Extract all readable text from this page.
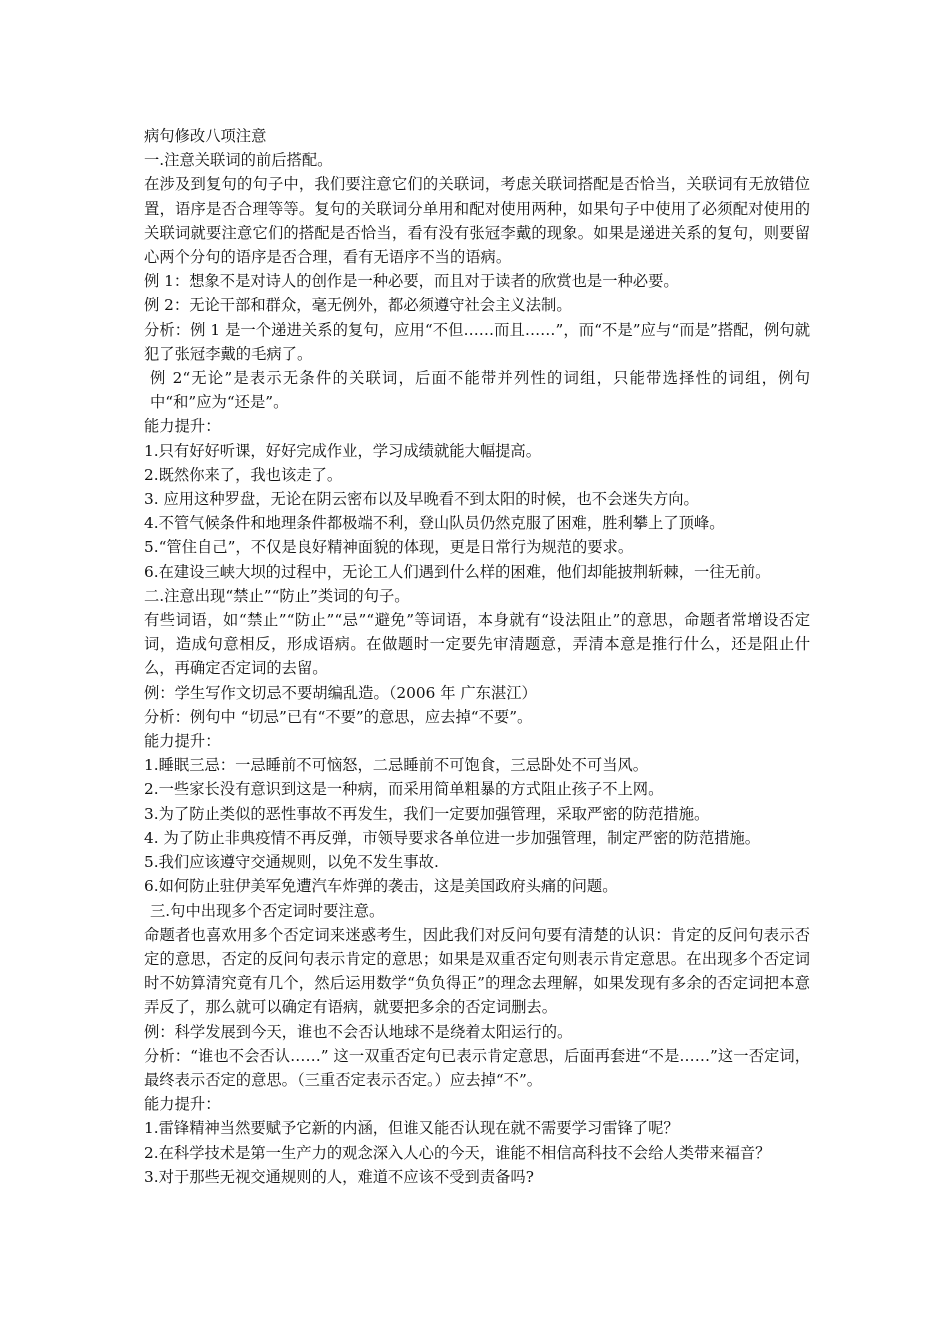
病句修改八项注意

一.注意关联词的前后搭配。

在涉及到复句的句子中，我们要注意它们的关联词，考虑关联词搭配是否恰当，关联词有无放错位置，语序是否合理等等。复句的关联词分单用和配对使用两种，如果句子中使用了必须配对使用的关联词就要注意它们的搭配是否恰当，看有没有张冠李戴的现象。如果是递进关系的复句，则要留心两个分句的语序是否合理，看有无语序不当的语病。

例 1：想象不是对诗人的创作是一种必要，而且对于读者的欣赏也是一种必要。

例 2：无论干部和群众，毫无例外，都必须遵守社会主义法制。

分析：例 1 是一个递进关系的复句，应用“不但……而且……”，而“不是”应与“而是”搭配，例句就犯了张冠李戴的毛病了。

例 2“无论”是表示无条件的关联词，后面不能带并列性的词组，只能带选择性的词组，例句中“和”应为“还是”。

能力提升：

1.只有好好听课，好好完成作业，学习成绩就能大幅提高。

2.既然你来了，我也该走了。

3. 应用这种罗盘，无论在阴云密布以及早晚看不到太阳的时候，也不会迷失方向。

4.不管气候条件和地理条件都极端不利，登山队员仍然克服了困难，胜利攀上了顶峰。

5.“管住自己”，不仅是良好精神面貌的体现，更是日常行为规范的要求。

6.在建设三峡大坝的过程中，无论工人们遇到什么样的困难，他们却能披荆斩棘，一往无前。

二.注意出现“禁止”“防止”类词的句子。

有些词语，如“禁止”“防止”“忌”“避免”等词语，本身就有“设法阻止”的意思，命题者常增设否定词，造成句意相反，形成语病。在做题时一定要先审清题意，弄清本意是推行什么，还是阻止什么，再确定否定词的去留。

例：学生写作文切忌不要胡编乱造。（2006 年 广东湛江）

分析：例句中 “切忌”已有“不要”的意思，应去掉“不要”。

能力提升：

1.睡眠三忌：一忌睡前不可恼怒，二忌睡前不可饱食，三忌卧处不可当风。

2.一些家长没有意识到这是一种病，而采用简单粗暴的方式阻止孩子不上网。

3.为了防止类似的恶性事故不再发生，我们一定要加强管理，采取严密的防范措施。

4. 为了防止非典疫情不再反弹，市领导要求各单位进一步加强管理，制定严密的防范措施。

5.我们应该遵守交通规则，以免不发生事故.

6.如何防止驻伊美军免遭汽车炸弹的袭击，这是美国政府头痛的问题。

三.句中出现多个否定词时要注意。

命题者也喜欢用多个否定词来迷惑考生，因此我们对反问句要有清楚的认识：肯定的反问句表示否定的意思，否定的反问句表示肯定的意思；如果是双重否定句则表示肯定意思。在出现多个否定词时不妨算清究竟有几个，然后运用数学“负负得正”的理念去理解，如果发现有多余的否定词把本意弄反了，那么就可以确定有语病，就要把多余的否定词删去。

例：科学发展到今天，谁也不会否认地球不是绕着太阳运行的。

分析：“谁也不会否认……” 这一双重否定句已表示肯定意思，后面再套进“不是……”这一否定词，最终表示否定的意思。（三重否定表示否定。）应去掉“不”。

能力提升：

1.雷锋精神当然要赋予它新的内涵，但谁又能否认现在就不需要学习雷锋了呢？

2.在科学技术是第一生产力的观念深入人心的今天，谁能不相信高科技不会给人类带来福音？

3.对于那些无视交通规则的人，难道不应该不受到责备吗?
